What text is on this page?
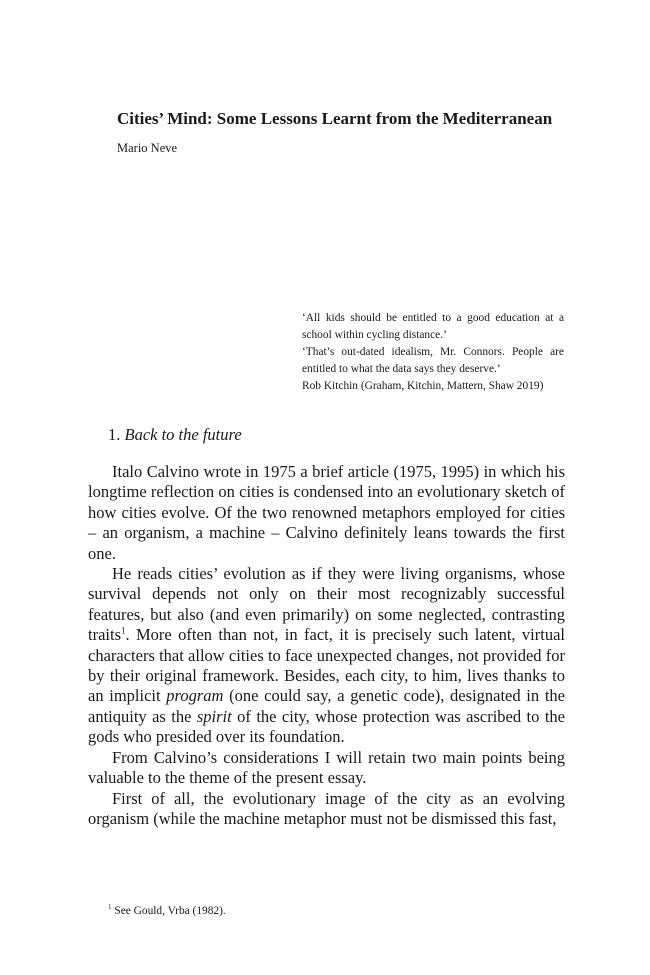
Cities’ Mind: Some Lessons Learnt from the Mediterranean
Mario Neve

‘All kids should be entitled to a good education at a school within cycling distance.’

‘That’s out-dated idealism, Mr. Connors. People are entitled to what the data says they deserve.’

Rob Kitchin (Graham, Kitchin, Mattern, Shaw 2019)

1. Back to the future

Italo Calvino wrote in 1975 a brief article (1975, 1995) in which his longtime reflection on cities is condensed into an evolutionary sketch of how cities evolve. Of the two renowned metaphors employed for cities – an organism, a machine – Calvino definitely leans towards the first one.

He reads cities’ evolution as if they were living organisms, whose survival depends not only on their most recognizably successful features, but also (and even primarily) on some neglected, contrasting traits$^1$. More often than not, in fact, it is precisely such latent, virtual characters that allow cities to face unexpected changes, not provided for by their original framework. Besides, each city, to him, lives thanks to an implicit program (one could say, a genetic code), designated in the antiquity as the spirit of the city, whose protection was ascribed to the gods who presided over its foundation.

From Calvino’s considerations I will retain two main points being valuable to the theme of the present essay.

First of all, the evolutionary image of the city as an evolving organism (while the machine metaphor must not be dismissed this fast,

$^1$ See Gould, Vrba (1982).
